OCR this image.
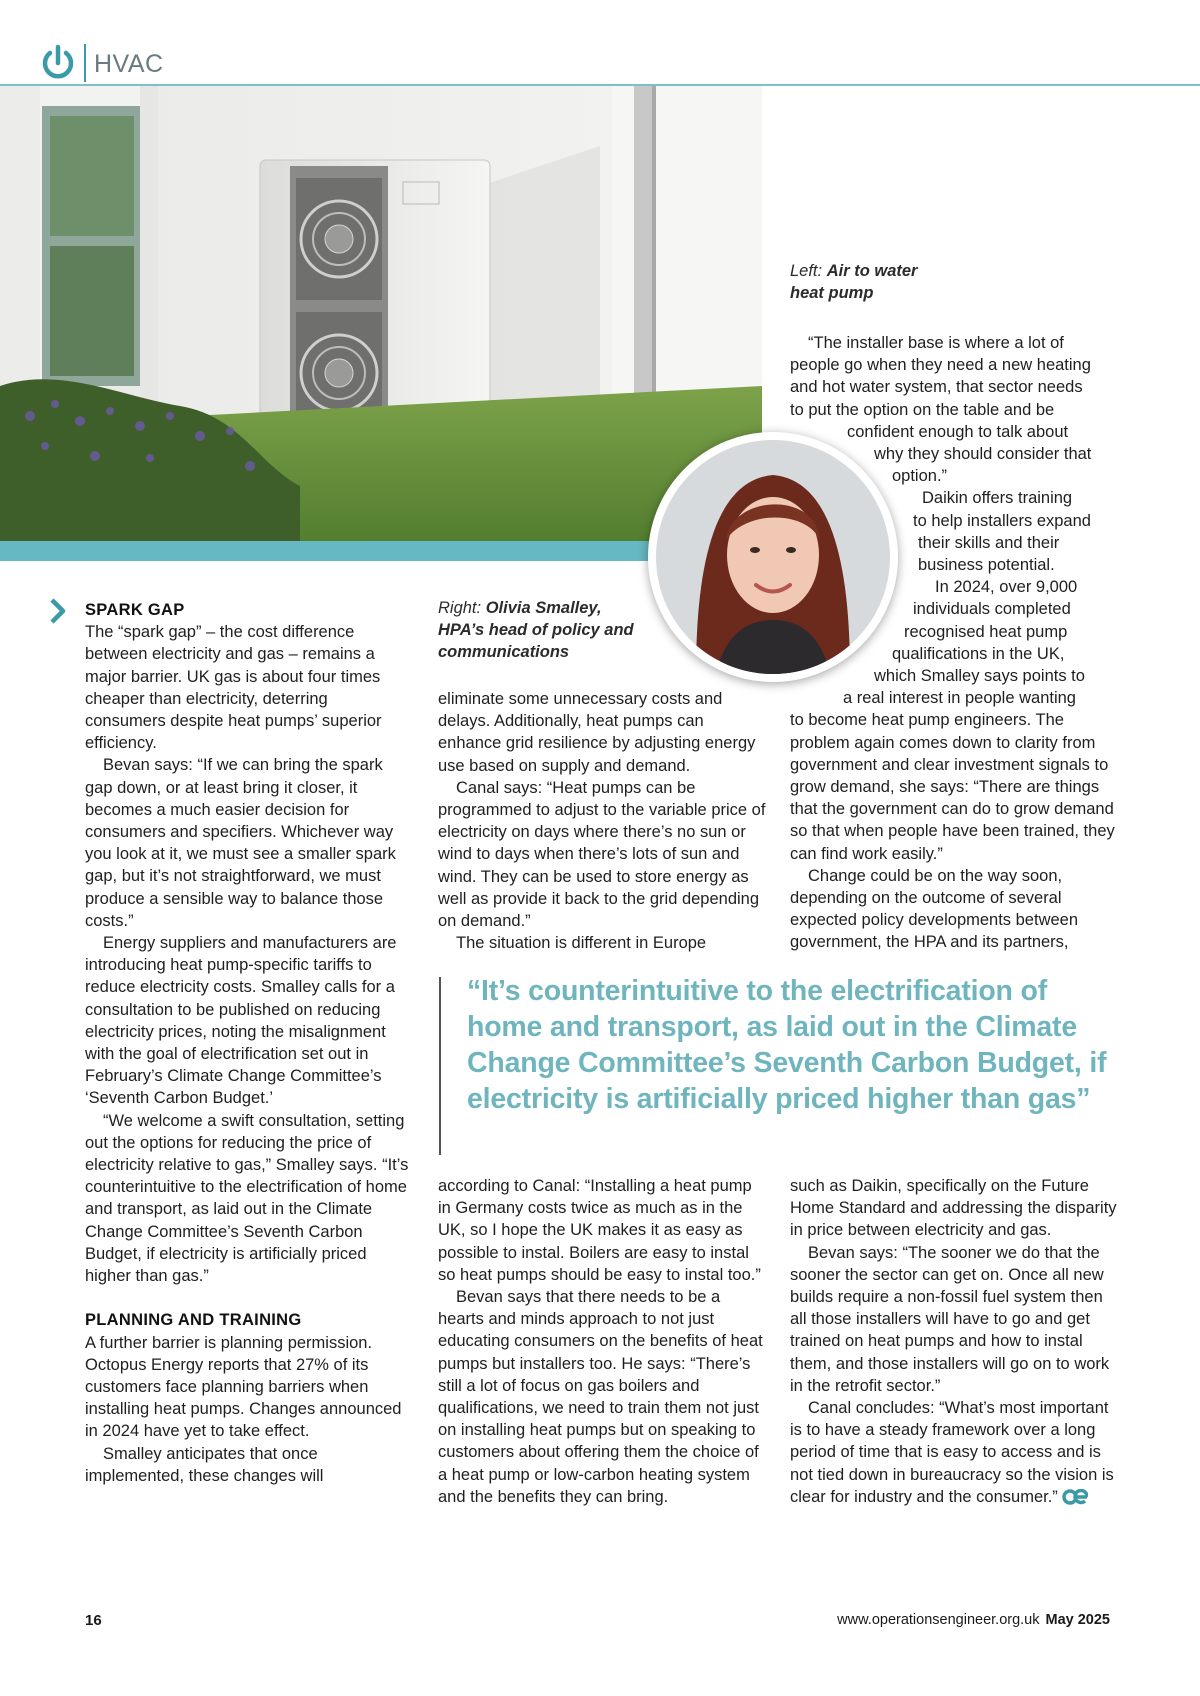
HVAC
Left: Air to water heat pump
Right: Olivia Smalley, HPA’s head of policy and communications
SPARK GAP

The “spark gap” – the cost difference between electricity and gas – remains a major barrier. UK gas is about four times cheaper than electricity, deterring consumers despite heat pumps’ superior efficiency.

Bevan says: “If we can bring the spark gap down, or at least bring it closer, it becomes a much easier decision for consumers and specifiers. Whichever way you look at it, we must see a smaller spark gap, but it’s not straightforward, we must produce a sensible way to balance those costs.”

Energy suppliers and manufacturers are introducing heat pump-specific tariffs to reduce electricity costs. Smalley calls for a consultation to be published on reducing electricity prices, noting the misalignment with the goal of electrification set out in February’s Climate Change Committee’s ‘Seventh Carbon Budget.’

“We welcome a swift consultation, setting out the options for reducing the price of electricity relative to gas,” Smalley says. “It’s counterintuitive to the electrification of home and transport, as laid out in the Climate Change Committee’s Seventh Carbon Budget, if electricity is artificially priced higher than gas.”

PLANNING AND TRAINING

A further barrier is planning permission. Octopus Energy reports that 27% of its customers face planning barriers when installing heat pumps. Changes announced in 2024 have yet to take effect.

Smalley anticipates that once implemented, these changes will

eliminate some unnecessary costs and delays. Additionally, heat pumps can enhance grid resilience by adjusting energy use based on supply and demand.

Canal says: “Heat pumps can be programmed to adjust to the variable price of electricity on days where there’s no sun or wind to days when there’s lots of sun and wind. They can be used to store energy as well as provide it back to the grid depending on demand.”

The situation is different in Europe

“The installer base is where a lot of
people go when they need a new heating
and hot water system, that sector needs
to put the option on the table and be
confident enough to talk about
why they should consider that
option.”
Daikin offers training
to help installers expand
their skills and their
business potential.
In 2024, over 9,000
individuals completed
recognised heat pump
qualifications in the UK,
which Smalley says points to
a real interest in people wanting

to become heat pump engineers. The problem again comes down to clarity from government and clear investment signals to grow demand, she says: “There are things that the government can do to grow demand so that when people have been trained, they can find work easily.”

Change could be on the way soon, depending on the outcome of several expected policy developments between government, the HPA and its partners,

“It’s counterintuitive to the electrification of home and transport, as laid out in the Climate Change Committee’s Seventh Carbon Budget, if electricity is artificially priced higher than gas”

according to Canal: “Installing a heat pump in Germany costs twice as much as in the UK, so I hope the UK makes it as easy as possible to instal. Boilers are easy to instal so heat pumps should be easy to instal too.”

Bevan says that there needs to be a hearts and minds approach to not just educating consumers on the benefits of heat pumps but installers too. He says: “There’s still a lot of focus on gas boilers and qualifications, we need to train them not just on installing heat pumps but on speaking to customers about offering them the choice of a heat pump or low-carbon heating system and the benefits they can bring.

such as Daikin, specifically on the Future Home Standard and addressing the disparity in price between electricity and gas.

Bevan says: “The sooner we do that the sooner the sector can get on. Once all new builds require a non-fossil fuel system then all those installers will have to go and get trained on heat pumps and how to instal them, and those installers will go on to work in the retrofit sector.”

Canal concludes: “What’s most important is to have a steady framework over a long period of time that is easy to access and is not tied down in bureaucracy so the vision is clear for industry and the consumer.”

16	www.operationsengineer.org.uk May 2025
